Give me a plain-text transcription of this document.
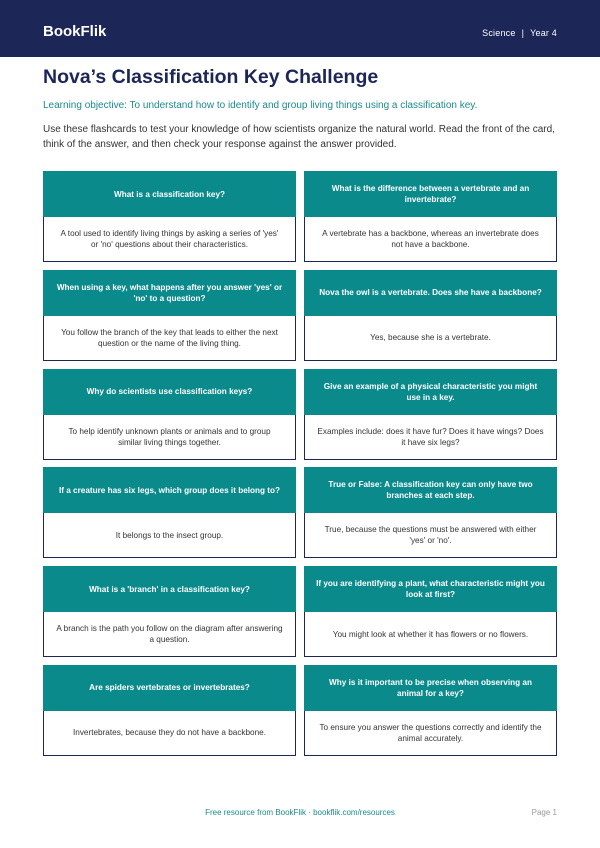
BookFlik	Science | Year 4
Nova’s Classification Key Challenge

Learning objective: To understand how to identify and group living things using a classification key.

Use these flashcards to test your knowledge of how scientists organize the natural world. Read the front of the card, think of the answer, and then check your response against the answer provided.

What is a classification key?
A tool used to identify living things by asking a series of 'yes' or 'no' questions about their characteristics.
What is the difference between a vertebrate and an invertebrate?
A vertebrate has a backbone, whereas an invertebrate does not have a backbone.
When using a key, what happens after you answer 'yes' or 'no' to a question?
You follow the branch of the key that leads to either the next question or the name of the living thing.
Nova the owl is a vertebrate. Does she have a backbone?
Yes, because she is a vertebrate.
Why do scientists use classification keys?
To help identify unknown plants or animals and to group similar living things together.
Give an example of a physical characteristic you might use in a key.
Examples include: does it have fur? Does it have wings? Does it have six legs?
If a creature has six legs, which group does it belong to?
It belongs to the insect group.
True or False: A classification key can only have two branches at each step.
True, because the questions must be answered with either 'yes' or 'no'.
What is a 'branch' in a classification key?
A branch is the path you follow on the diagram after answering a question.
If you are identifying a plant, what characteristic might you look at first?
You might look at whether it has flowers or no flowers.
Are spiders vertebrates or invertebrates?
Invertebrates, because they do not have a backbone.
Why is it important to be precise when observing an animal for a key?
To ensure you answer the questions correctly and identify the animal accurately.
Free resource from BookFlik · bookflik.com/resources	Page 1
